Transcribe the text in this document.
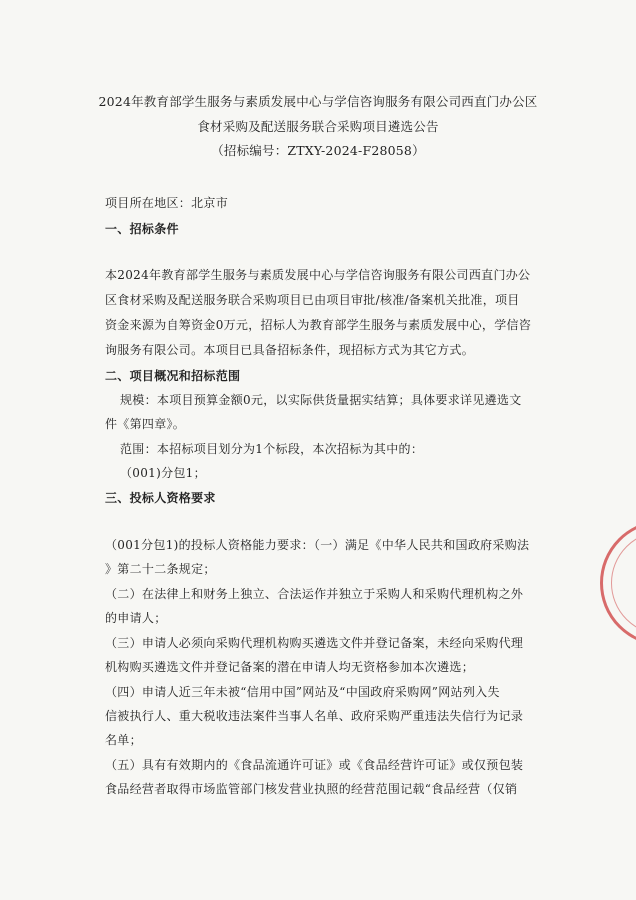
2024年教育部学生服务与素质发展中心与学信咨询服务有限公司西直门办公区
食材采购及配送服务联合采购项目遴选公告
（招标编号：ZTXY-2024-F28058）
项目所在地区：北京市
一、招标条件
本2024年教育部学生服务与素质发展中心与学信咨询服务有限公司西直门办公
区食材采购及配送服务联合采购项目已由项目审批/核准/备案机关批准，项目
资金来源为自筹资金0万元，招标人为教育部学生服务与素质发展中心，学信咨
询服务有限公司。本项目已具备招标条件，现招标方式为其它方式。
二、项目概况和招标范围
规模：本项目预算金额0元，以实际供货量据实结算；具体要求详见遴选文
件《第四章》。
范围：本招标项目划分为1个标段，本次招标为其中的：
（001)分包1；
三、投标人资格要求
（001分包1)的投标人资格能力要求：（一）满足《中华人民共和国政府采购法
》第二十二条规定；
（二）在法律上和财务上独立、合法运作并独立于采购人和采购代理机构之外
的申请人；
（三）申请人必须向采购代理机构购买遴选文件并登记备案，未经向采购代理
机构购买遴选文件并登记备案的潜在申请人均无资格参加本次遴选；
（四）申请人近三年未被“信用中国”网站及“中国政府采购网”网站列入失
信被执行人、重大税收违法案件当事人名单、政府采购严重违法失信行为记录
名单；
（五）具有有效期内的《食品流通许可证》或《食品经营许可证》或仅预包装
食品经营者取得市场监管部门核发营业执照的经营范围记载“食品经营（仅销
